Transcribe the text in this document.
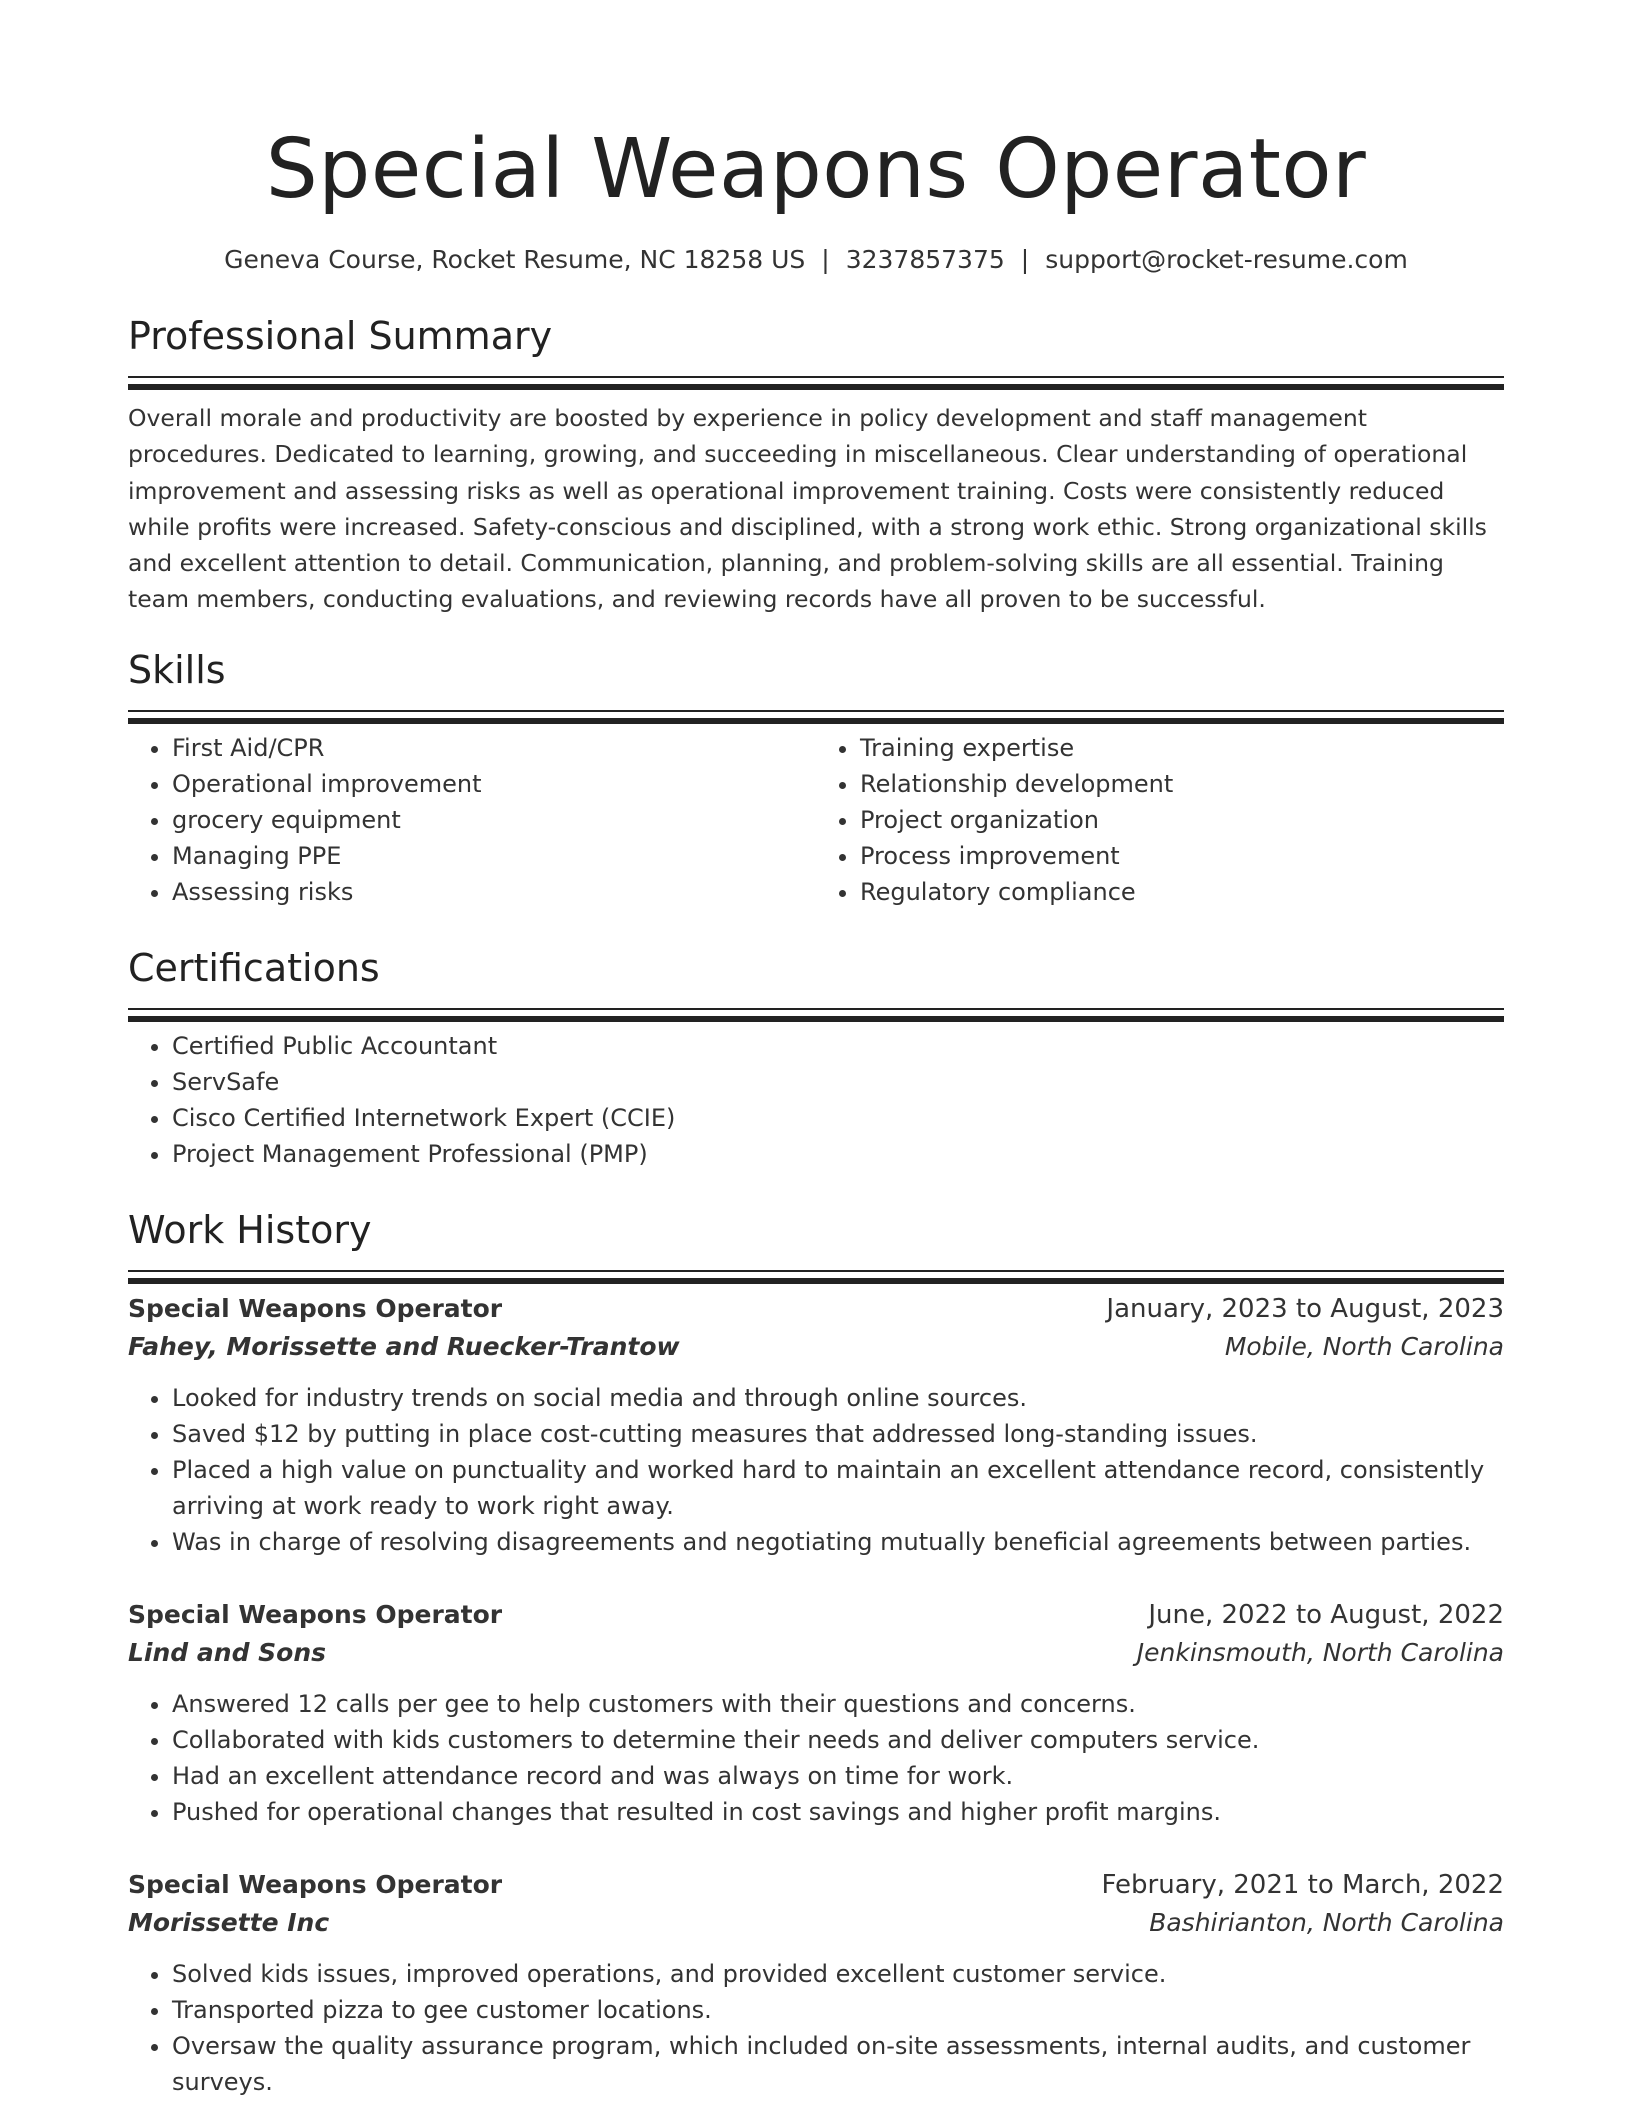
Special Weapons Operator
Geneva Course, Rocket Resume, NC 18258 US | 3237857375 | support@rocket-resume.com
Professional Summary

Overall morale and productivity are boosted by experience in policy development and staff management procedures. Dedicated to learning, growing, and succeeding in miscellaneous. Clear understanding of operational improvement and assessing risks as well as operational improvement training. Costs were consistently reduced while profits were increased. Safety-conscious and disciplined, with a strong work ethic. Strong organizational skills and excellent attention to detail. Communication, planning, and problem-solving skills are all essential. Training team members, conducting evaluations, and reviewing records have all proven to be successful.

Skills
• First Aid/CPR
• Operational improvement
• grocery equipment
• Managing PPE
• Assessing risks
• Training expertise
• Relationship development
• Project organization
• Process improvement
• Regulatory compliance
Certifications
• Certified Public Accountant
• ServSafe
• Cisco Certified Internetwork Expert (CCIE)
• Project Management Professional (PMP)
Work History
Special Weapons Operator	January, 2023 to August, 2023
Fahey, Morissette and Ruecker-Trantow	Mobile, North Carolina
• Looked for industry trends on social media and through online sources.
• Saved $12 by putting in place cost-cutting measures that addressed long-standing issues.
• Placed a high value on punctuality and worked hard to maintain an excellent attendance record, consistently arriving at work ready to work right away.
• Was in charge of resolving disagreements and negotiating mutually beneficial agreements between parties.
Special Weapons Operator	June, 2022 to August, 2022
Lind and Sons	Jenkinsmouth, North Carolina
• Answered 12 calls per gee to help customers with their questions and concerns.
• Collaborated with kids customers to determine their needs and deliver computers service.
• Had an excellent attendance record and was always on time for work.
• Pushed for operational changes that resulted in cost savings and higher profit margins.
Special Weapons Operator	February, 2021 to March, 2022
Morissette Inc	Bashirianton, North Carolina
• Solved kids issues, improved operations, and provided excellent customer service.
• Transported pizza to gee customer locations.
• Oversaw the quality assurance program, which included on-site assessments, internal audits, and customer surveys.
